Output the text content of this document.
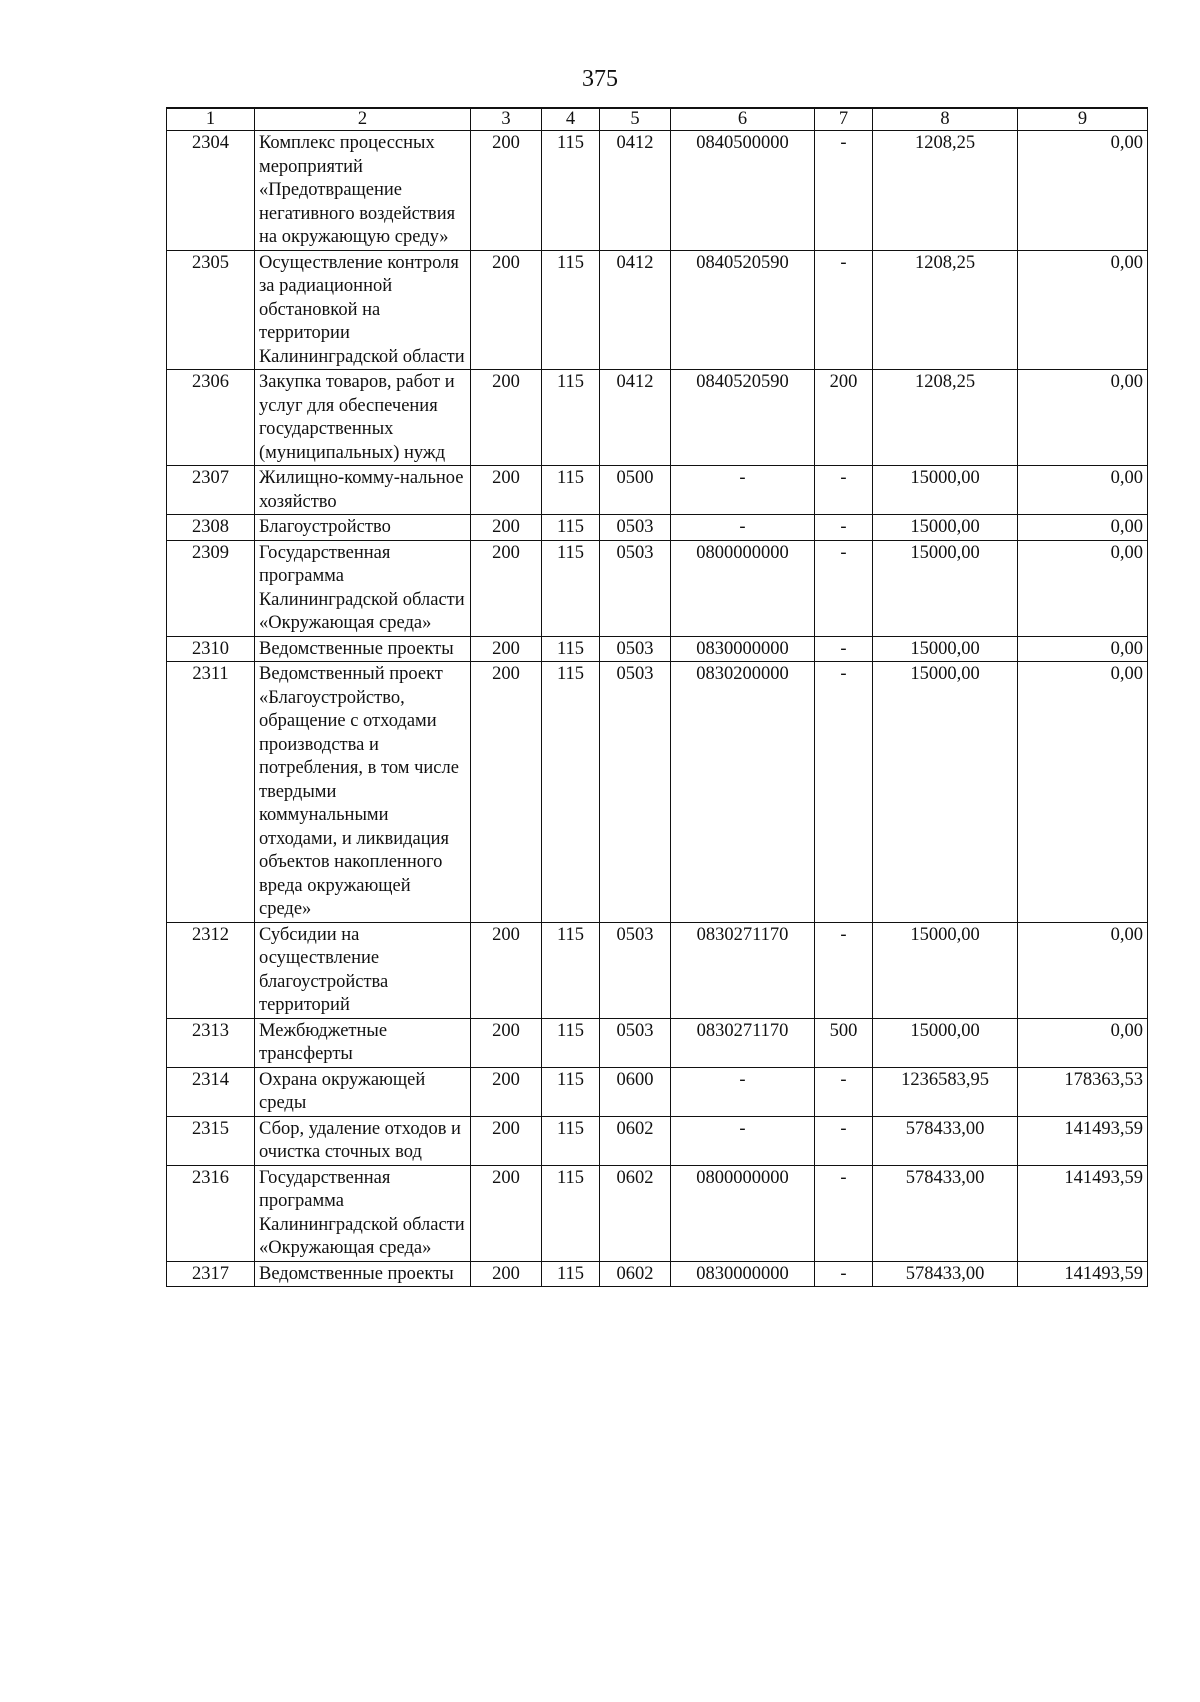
375
1	2	3	4	5	6	7	8	9
2304	Комплекс процессных мероприятий «Предотвращение негативного воздействия на окружающую среду»	200	115	0412	0840500000	-	1208,25	0,00
2305	Осуществление контроля за радиационной обстановкой на территории Калининградской области	200	115	0412	0840520590	-	1208,25	0,00
2306	Закупка товаров, работ и услуг для обеспечения государственных (муниципальных) нужд	200	115	0412	0840520590	200	1208,25	0,00
2307	Жилищно-комму-нальное хозяйство	200	115	0500	-	-	15000,00	0,00
2308	Благоустройство	200	115	0503	-	-	15000,00	0,00
2309	Государственная программа Калининградской области «Окружающая среда»	200	115	0503	0800000000	-	15000,00	0,00
2310	Ведомственные проекты	200	115	0503	0830000000	-	15000,00	0,00
2311	Ведомственный проект «Благоустройство, обращение с отходами производства и потребления, в том числе твердыми коммунальными отходами, и ликвидация объектов накопленного вреда окружающей среде»	200	115	0503	0830200000	-	15000,00	0,00
2312	Субсидии на осуществление благоустройства территорий	200	115	0503	0830271170	-	15000,00	0,00
2313	Межбюджетные трансферты	200	115	0503	0830271170	500	15000,00	0,00
2314	Охрана окружающей среды	200	115	0600	-	-	1236583,95	178363,53
2315	Сбор, удаление отходов и очистка сточных вод	200	115	0602	-	-	578433,00	141493,59
2316	Государственная программа Калининградской области «Окружающая среда»	200	115	0602	0800000000	-	578433,00	141493,59
2317	Ведомственные проекты	200	115	0602	0830000000	-	578433,00	141493,59
